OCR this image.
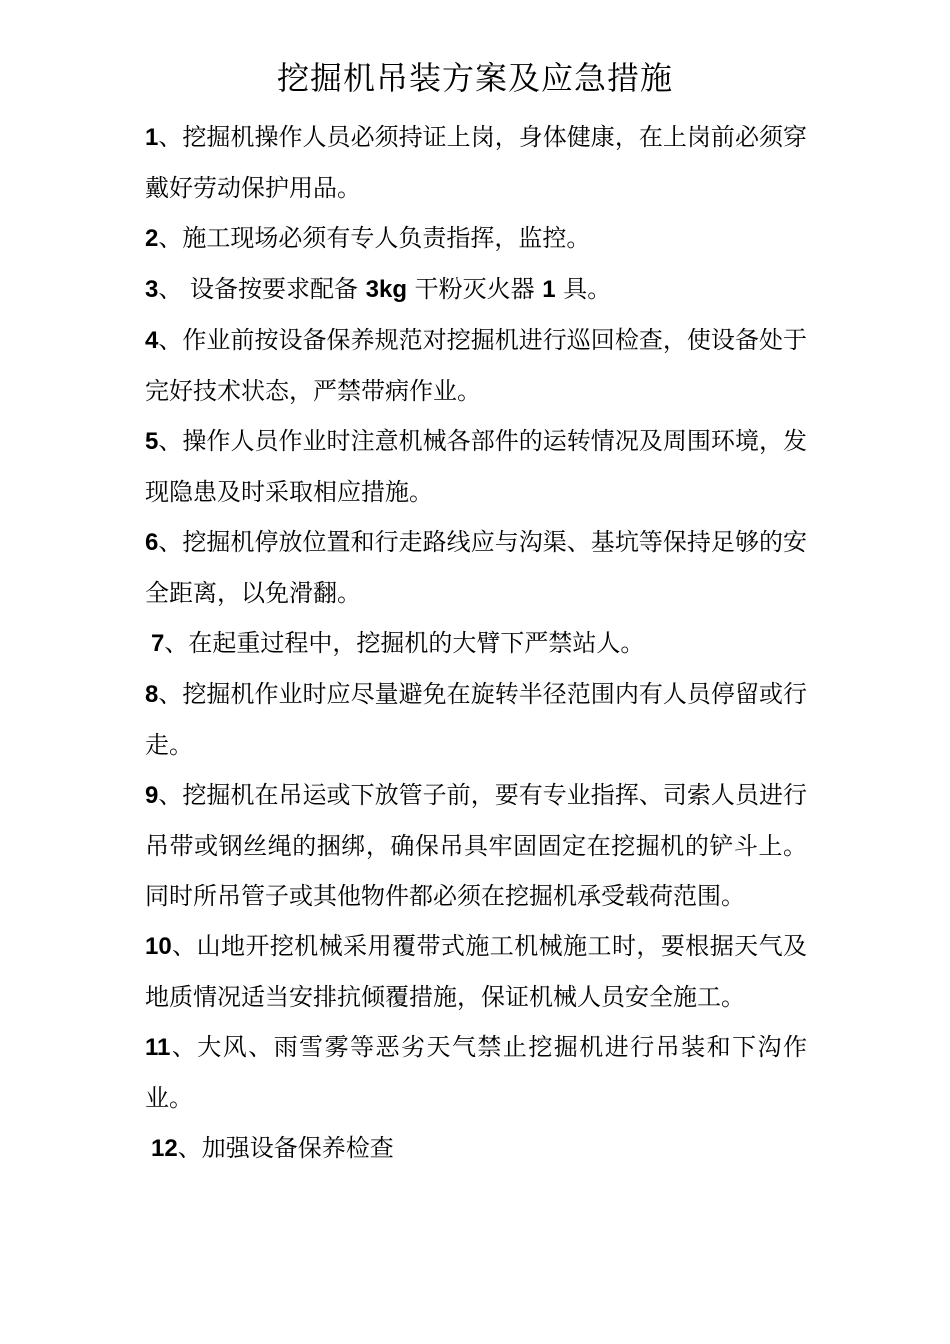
挖掘机吊装方案及应急措施

1、挖掘机操作人员必须持证上岗，身体健康，在上岗前必须穿戴好劳动保护用品。

2、施工现场必须有专人负责指挥，监控。

3、 设备按要求配备 3kg 干粉灭火器 1 具。

4、作业前按设备保养规范对挖掘机进行巡回检查，使设备处于完好技术状态，严禁带病作业。

5、操作人员作业时注意机械各部件的运转情况及周围环境，发现隐患及时采取相应措施。

6、挖掘机停放位置和行走路线应与沟渠、基坑等保持足够的安全距离，以免滑翻。

7、在起重过程中，挖掘机的大臂下严禁站人。

8、挖掘机作业时应尽量避免在旋转半径范围内有人员停留或行走。

9、挖掘机在吊运或下放管子前，要有专业指挥、司索人员进行吊带或钢丝绳的捆绑，确保吊具牢固固定在挖掘机的铲斗上。同时所吊管子或其他物件都必须在挖掘机承受载荷范围。

10、山地开挖机械采用覆带式施工机械施工时，要根据天气及地质情况适当安排抗倾覆措施，保证机械人员安全施工。

11、大风、雨雪雾等恶劣天气禁止挖掘机进行吊装和下沟作业。

12、加强设备保养检查
